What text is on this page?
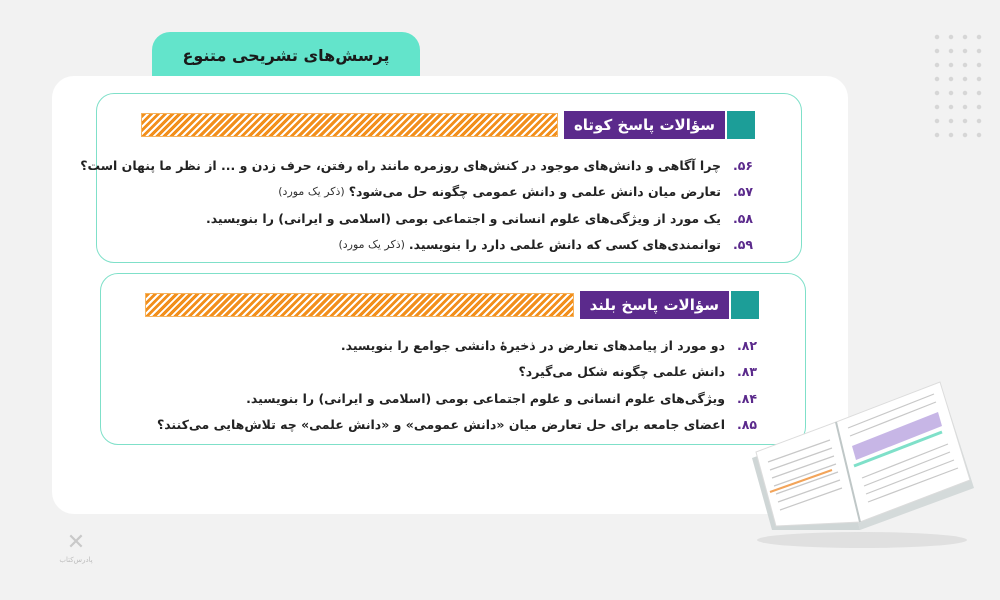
پرسش‌های تشریحی متنوع
سؤالات پاسخ کوتاه
۵۶.
چرا آگاهی و دانش‌های موجود در کنش‌های روزمره مانند راه رفتن، حرف زدن و ... از نظر ما پنهان است؟
۵۷.
تعارض میان دانش علمی و دانش عمومی چگونه حل می‌شود؟
(ذکر یک مورد)
۵۸.
یک مورد از ویژگی‌های علوم انسانی و اجتماعی بومی (اسلامی و ایرانی) را بنویسید.
۵۹.
توانمندی‌های کسی که دانش علمی دارد را بنویسید.
(ذکر یک مورد)
سؤالات پاسخ بلند
۸۲.
دو مورد از پیامدهای تعارض در ذخیرهٔ دانشی جوامع را بنویسید.
۸۳.
دانش علمی چگونه شکل می‌گیرد؟
۸۴.
ویژگی‌های علوم انسانی و علوم اجتماعی بومی (اسلامی و ایرانی) را بنویسید.
۸۵.
اعضای جامعه برای حل تعارض میان «دانش عمومی» و «دانش علمی» چه تلاش‌هایی می‌کنند؟
✕
پادرس‌کتاب
